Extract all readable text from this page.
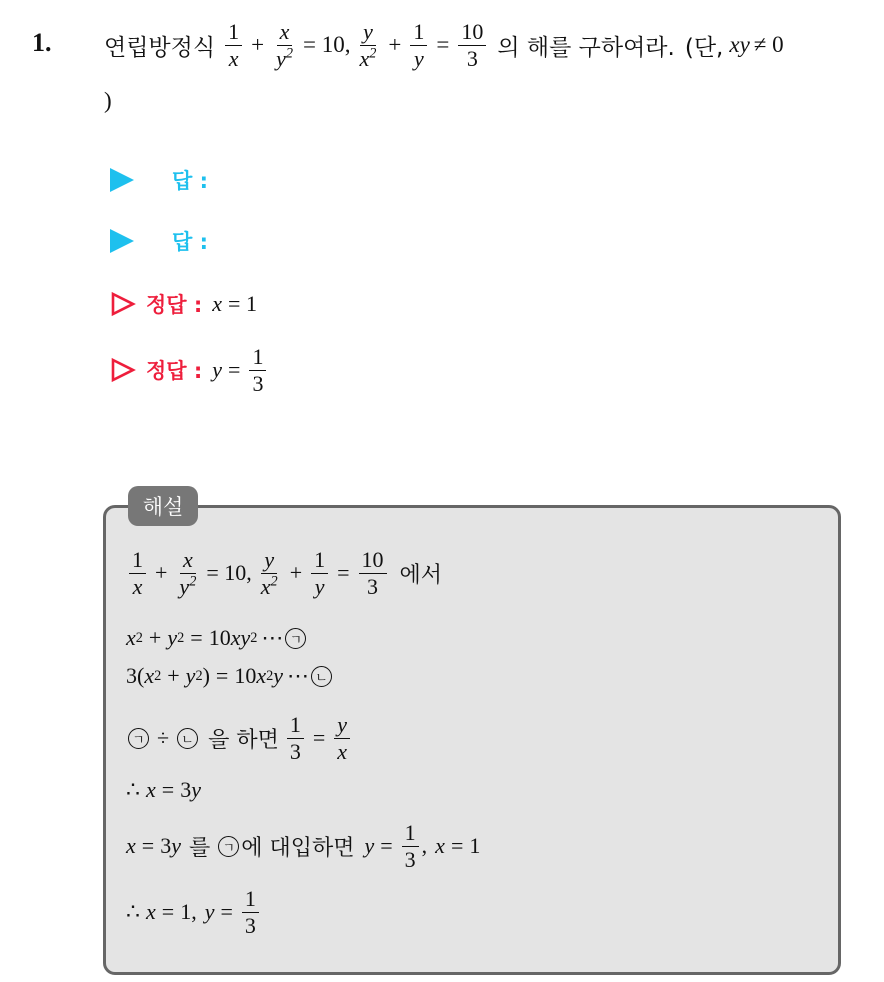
1. 연립방정식 $\frac{1}{x} + \frac{x}{y^2} = 10$, $\frac{y}{x^2} + \frac{1}{y} = \frac{10}{3}$ 의 해를 구하여라. (단, xy ≠ 0
)
답 :
답 :
정답 : x = 1
정답 : $y = \frac{1}{3}$
해설
$\frac{1}{x} + \frac{x}{y^2} = 10$, $\frac{y}{x^2} + \frac{1}{y} = \frac{10}{3}$ 에서
x 2 + y 2 = 10 xy 2 ⋯ ㄱ
3( x 2 + y 2 ) = 10 x 2 y ⋯ ㄴ
ㄱ ÷ ㄴ 을 하면 $\frac{1}{3} = \frac{y}{x}$
∴ x = 3 y
x = 3 y 를 ㄱ 에 대입하면 $y = \frac{1}{3}$ , x = 1
∴ x = 1, $y = \frac{1}{3}$
